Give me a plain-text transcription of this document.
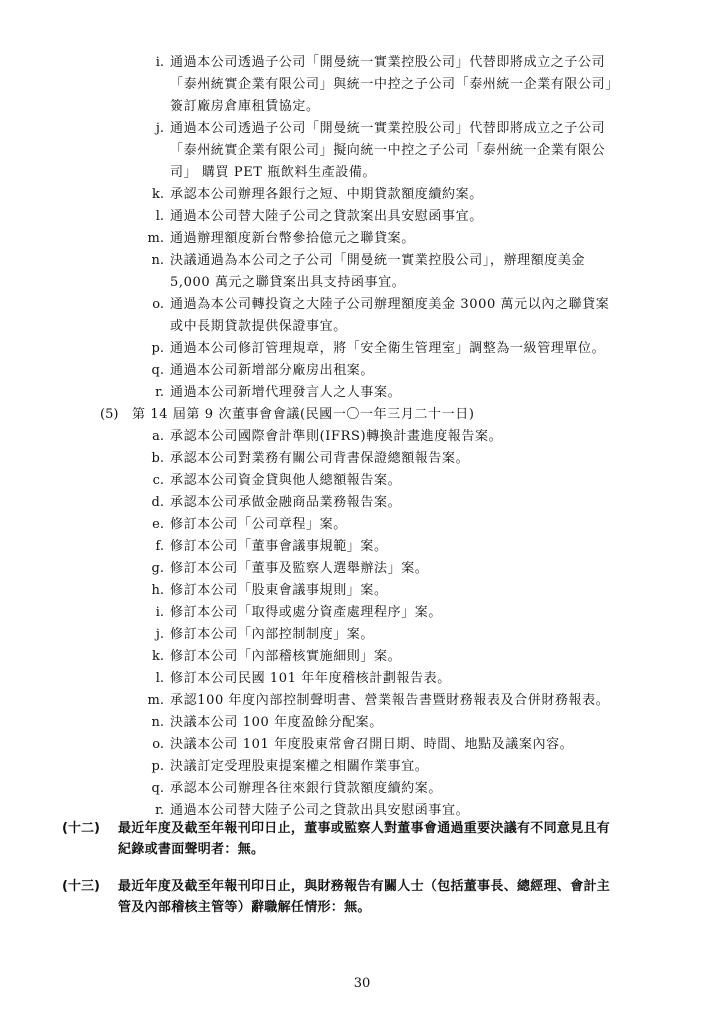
i. 通過本公司透過子公司「開曼統一實業控股公司」代替即將成立之子公司
「泰州統實企業有限公司」與統一中控之子公司「泰州統一企業有限公司」
簽訂廠房倉庫租賃協定。
j. 通過本公司透過子公司「開曼統一實業控股公司」代替即將成立之子公司
「泰州統實企業有限公司」擬向統一中控之子公司「泰州統一企業有限公
司」 購買 PET 瓶飲料生產設備。
k. 承認本公司辦理各銀行之短、中期貸款額度續約案。
l. 通過本公司替大陸子公司之貸款案出具安慰函事宜。
m. 通過辦理額度新台幣參拾億元之聯貸案。
n. 決議通過為本公司之子公司「開曼統一實業控股公司」，辦理額度美金
5,000 萬元之聯貸案出具支持函事宜。
o. 通過為本公司轉投資之大陸子公司辦理額度美金 3000 萬元以內之聯貸案
或中長期貸款提供保證事宜。
p. 通過本公司修訂管理規章，將「安全衛生管理室」調整為一級管理單位。
q. 通過本公司新增部分廠房出租案。
r. 通過本公司新增代理發言人之人事案。
(5) 第 14 屆第 9 次董事會會議(民國一〇一年三月二十一日)
a. 承認本公司國際會計準則(IFRS)轉換計畫進度報告案。
b. 承認本公司對業務有關公司背書保證總額報告案。
c. 承認本公司資金貸與他人總額報告案。
d. 承認本公司承做金融商品業務報告案。
e. 修訂本公司「公司章程」案。
f. 修訂本公司「董事會議事規範」案。
g. 修訂本公司「董事及監察人選舉辦法」案。
h. 修訂本公司「股東會議事規則」案。
i. 修訂本公司「取得或處分資產處理程序」案。
j. 修訂本公司「內部控制制度」案。
k. 修訂本公司「內部稽核實施細則」案。
l. 修訂本公司民國 101 年年度稽核計劃報告表。
m. 承認100 年度內部控制聲明書、營業報告書暨財務報表及合併財務報表。
n. 決議本公司 100 年度盈餘分配案。
o. 決議本公司 101 年度股東常會召開日期、時間、地點及議案內容。
p. 決議訂定受理股東提案權之相關作業事宜。
q. 承認本公司辦理各往來銀行貸款額度續約案。
r. 通過本公司替大陸子公司之貸款出具安慰函事宜。
(十二) 最近年度及截至年報刊印日止，董事或監察人對董事會通過重要決議有不同意見且有
紀錄或書面聲明者：無。
(十三) 最近年度及截至年報刊印日止，與財務報告有關人士（包括董事長、總經理、會計主
管及內部稽核主管等）辭職解任情形：無。
30
